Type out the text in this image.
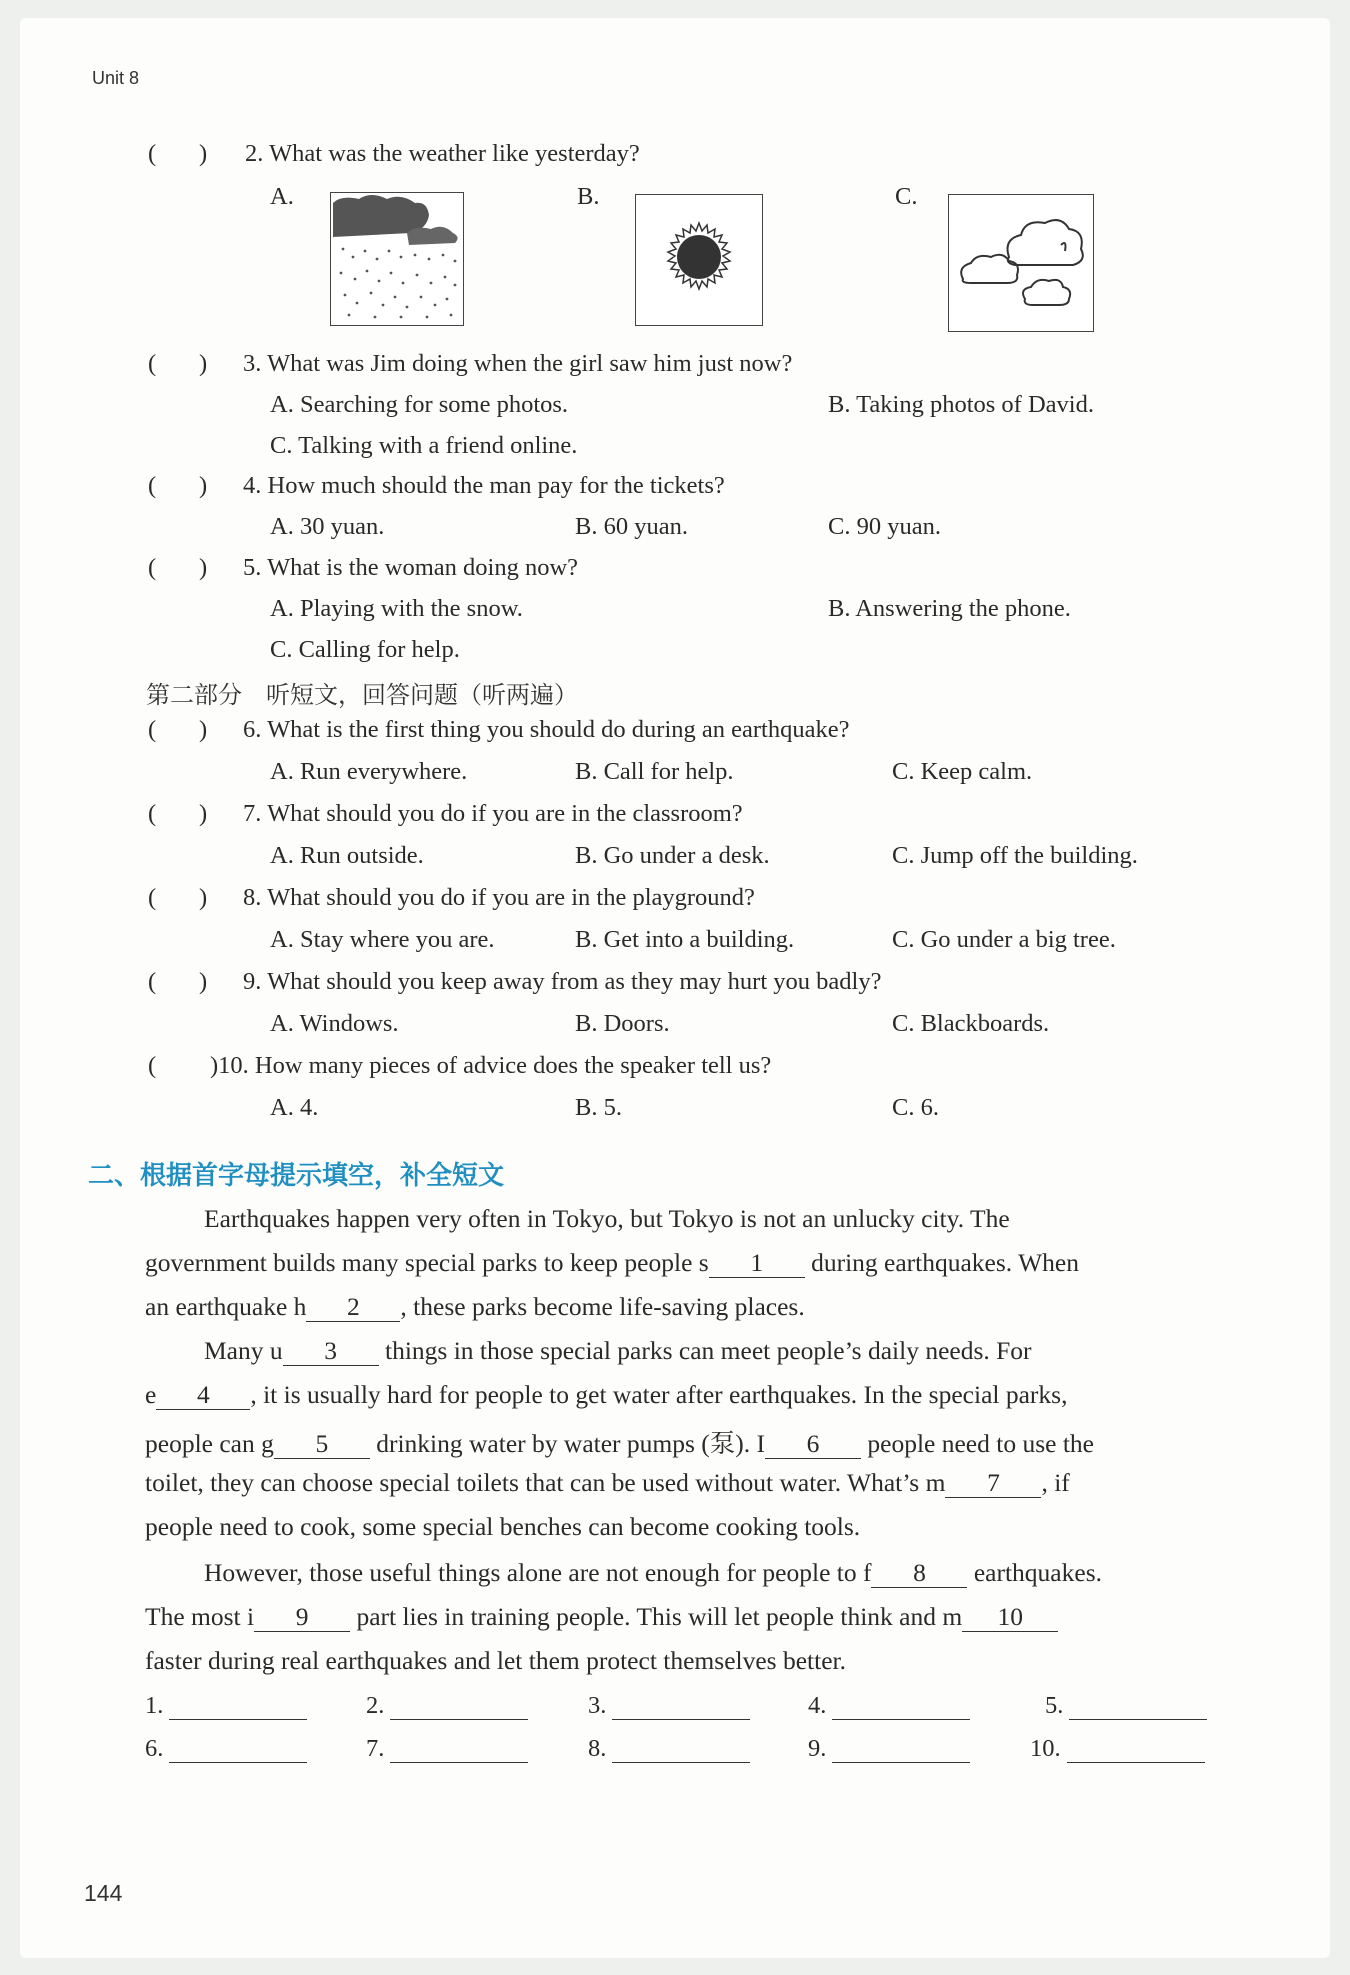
Unit 8
(       ) 2. What was the weather like yesterday?
A.	B.	C.
(       ) 3. What was Jim doing when the girl saw him just now?
A. Searching for some photos.	B. Taking photos of David.
C. Talking with a friend online.
(       ) 4. How much should the man pay for the tickets?
A. 30 yuan.	B. 60 yuan.	C. 90 yuan.
(       ) 5. What is the woman doing now?
A. Playing with the snow.	B. Answering the phone.
C. Calling for help.
第二部分　听短文，回答问题（听两遍）
(       ) 6. What is the first thing you should do during an earthquake?
A. Run everywhere.	B. Call for help.	C. Keep calm.
(       ) 7. What should you do if you are in the classroom?
A. Run outside.	B. Go under a desk.	C. Jump off the building.
(       ) 8. What should you do if you are in the playground?
A. Stay where you are.	B. Get into a building.	C. Go under a big tree.
(       ) 9. What should you keep away from as they may hurt you badly?
A. Windows.	B. Doors.	C. Blackboards.
( )10. How many pieces of advice does the speaker tell us?
A. 4.	B. 5.	C. 6.
二、根据首字母提示填空，补全短文
Earthquakes happen very often in Tokyo, but Tokyo is not an unlucky city. The
government builds many special parks to keep people s 1 during earthquakes. When
an earthquake h 2 , these parks become life-saving places.
Many u 3 things in those special parks can meet people’s daily needs. For
e 4 , it is usually hard for people to get water after earthquakes. In the special parks,
people can g 5 drinking water by water pumps (泵). I 6 people need to use the
toilet, they can choose special toilets that can be used without water. What’s m 7 , if
people need to cook, some special benches can become cooking tools.
However, those useful things alone are not enough for people to f 8 earthquakes.
The most i 9 part lies in training people. This will let people think and m 10
faster during real earthquakes and let them protect themselves better.
1.	2.	3.	4.	5.
6.	7.	8.	9.	10.
144
